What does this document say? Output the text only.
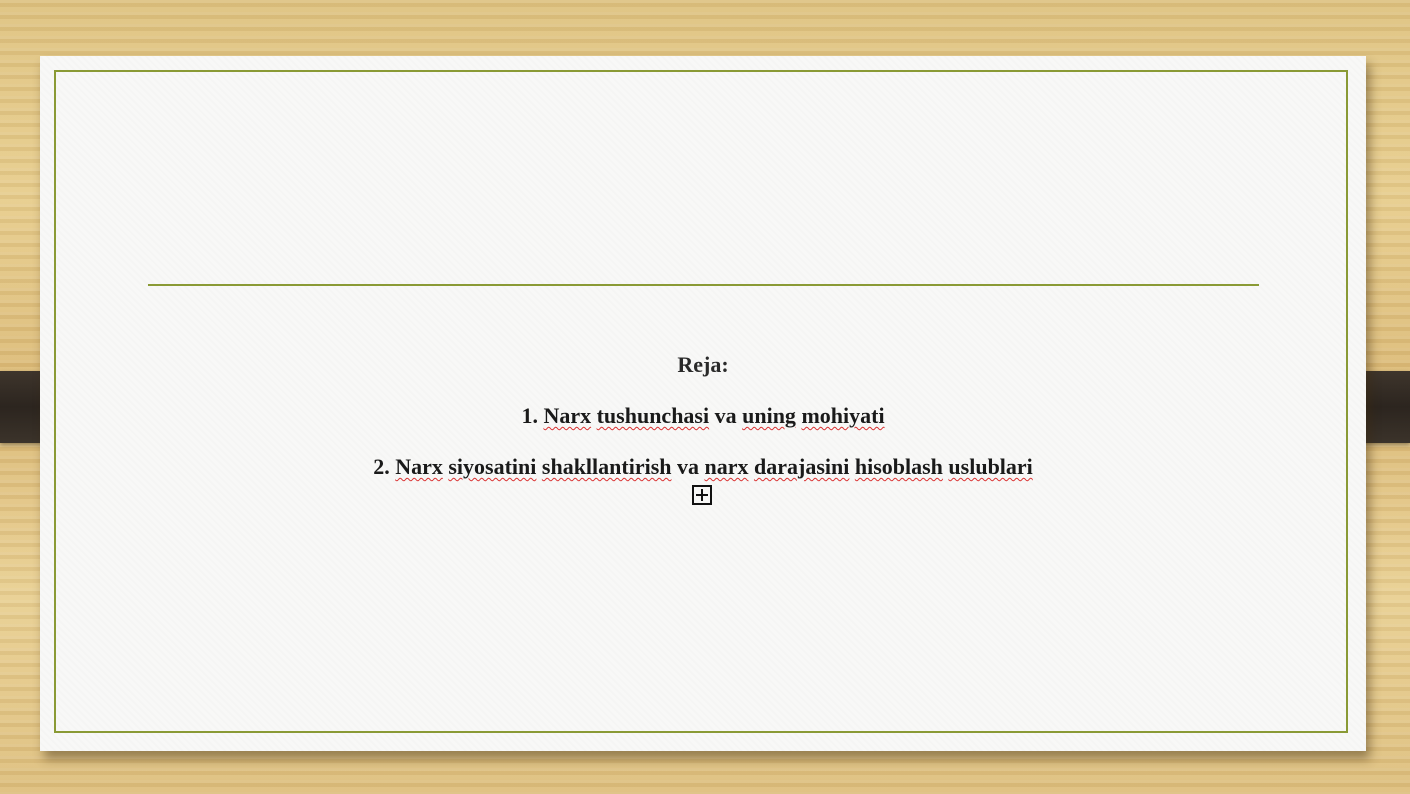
Reja:

1. Narx tushunchasi va uning mohiyati

2. Narx siyosatini shakllantirish va narx darajasini hisoblash uslublari
